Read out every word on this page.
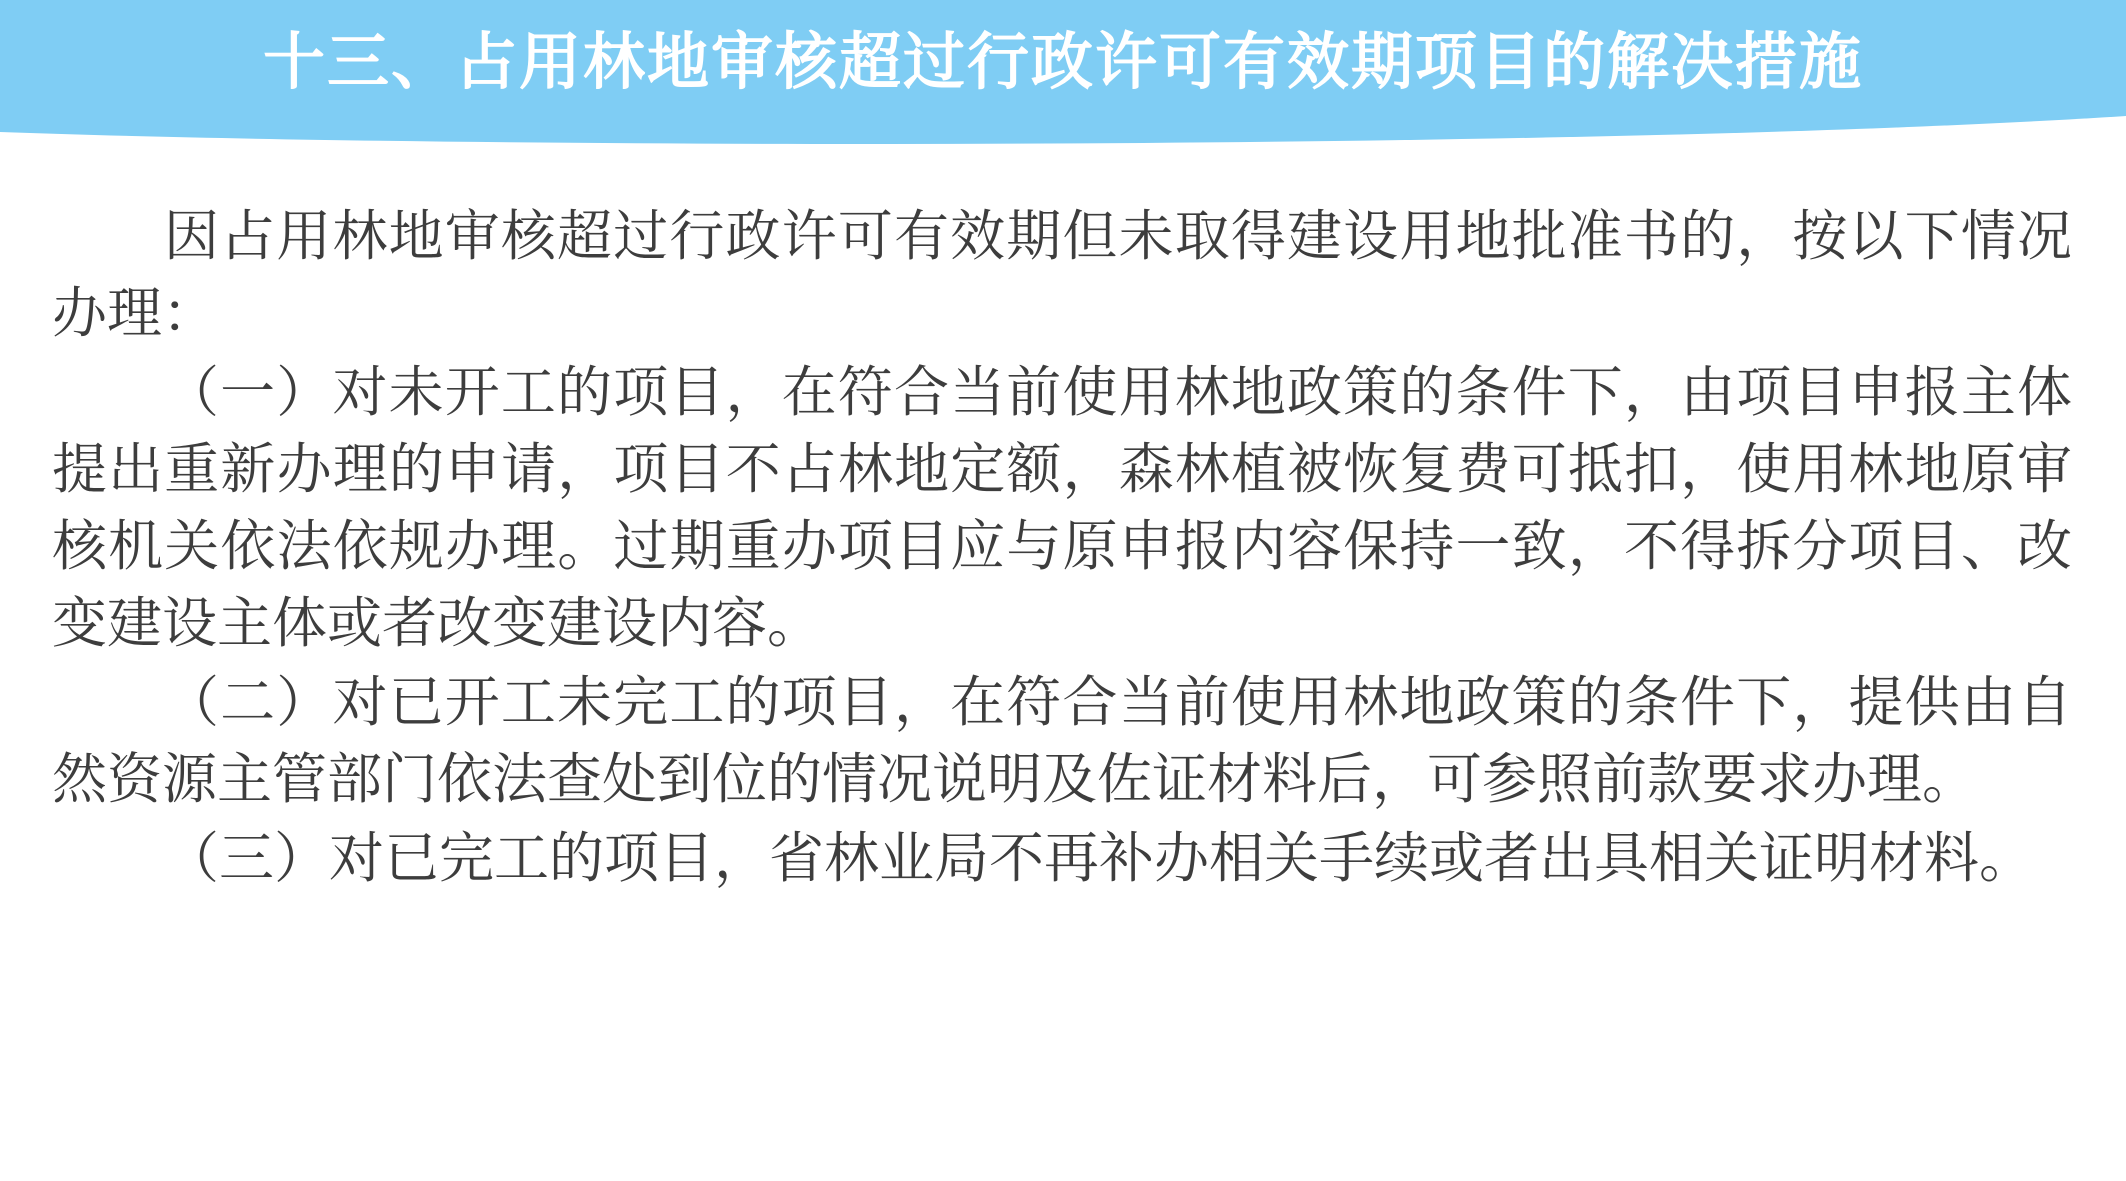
十三、占用林地审核超过行政许可有效期项目的解决措施

因占用林地审核超过行政许可有效期但未取得建设用地批准书的，按以下情况办理：

（一）对未开工的项目，在符合当前使用林地政策的条件下，由项目申报主体提出重新办理的申请，项目不占林地定额，森林植被恢复费可抵扣，使用林地原审核机关依法依规办理。过期重办项目应与原申报内容保持一致，不得拆分项目、改变建设主体或者改变建设内容。

（二）对已开工未完工的项目，在符合当前使用林地政策的条件下，提供由自然资源主管部门依法查处到位的情况说明及佐证材料后，可参照前款要求办理。

（三）对已完工的项目，省林业局不再补办相关手续或者出具相关证明材料。
